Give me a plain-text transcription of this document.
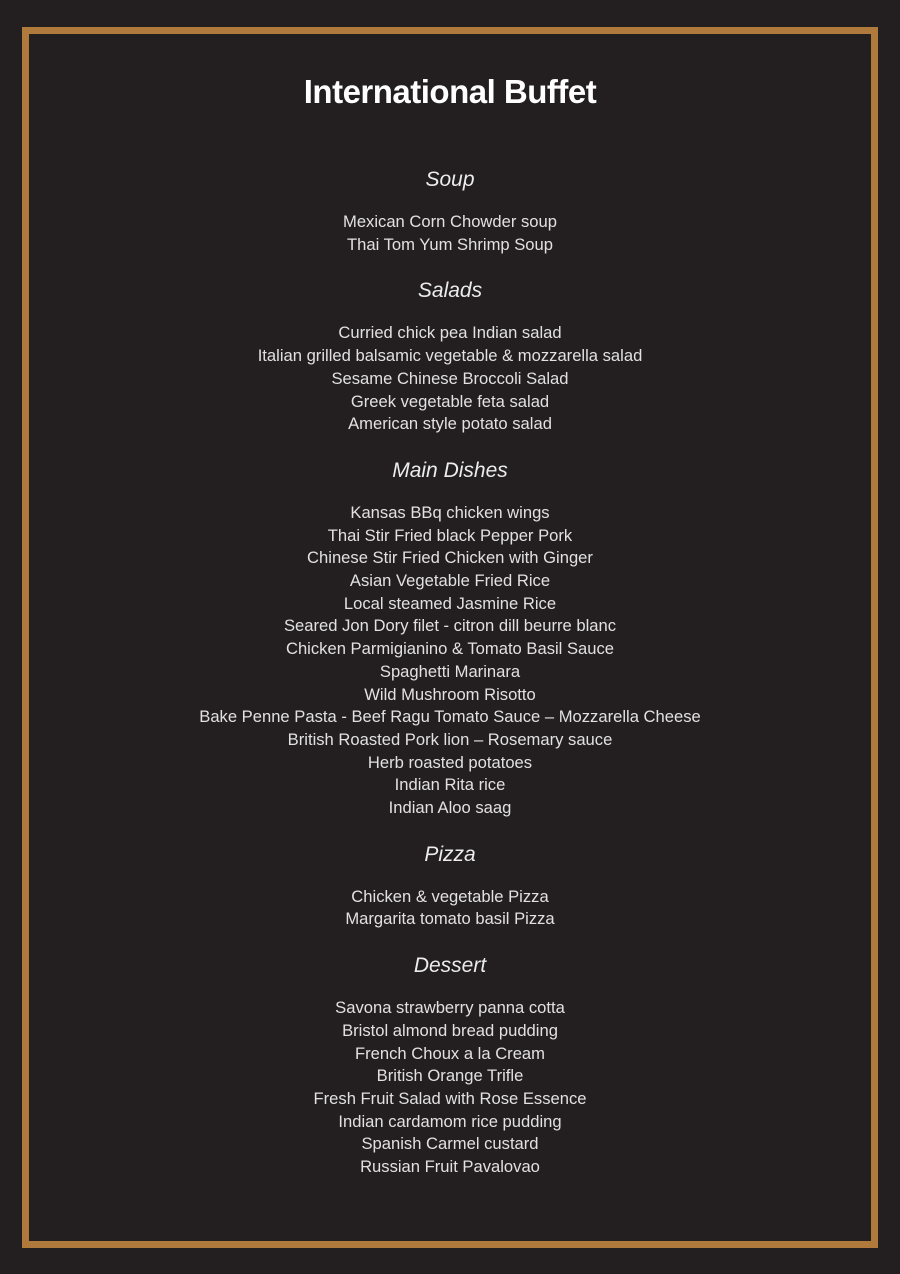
International Buffet
Soup
Mexican Corn Chowder soup
Thai Tom Yum Shrimp Soup
Salads
Curried chick pea Indian salad
Italian grilled balsamic vegetable & mozzarella salad
Sesame Chinese Broccoli Salad
Greek vegetable feta salad
American style potato salad
Main Dishes
Kansas BBq chicken wings
Thai Stir Fried black Pepper Pork
Chinese Stir Fried Chicken with Ginger
Asian Vegetable Fried Rice
Local steamed Jasmine Rice
Seared Jon Dory filet - citron dill beurre blanc
Chicken Parmigianino & Tomato Basil Sauce
Spaghetti Marinara
Wild Mushroom Risotto
Bake Penne Pasta - Beef Ragu Tomato Sauce – Mozzarella Cheese
British Roasted Pork lion – Rosemary sauce
Herb roasted potatoes
Indian Rita rice
Indian Aloo saag
Pizza
Chicken & vegetable Pizza
Margarita tomato basil Pizza
Dessert
Savona strawberry panna cotta
Bristol almond bread pudding
French Choux a la Cream
British Orange Trifle
Fresh Fruit Salad with Rose Essence
Indian cardamom rice pudding
Spanish Carmel custard
Russian Fruit Pavalovao
